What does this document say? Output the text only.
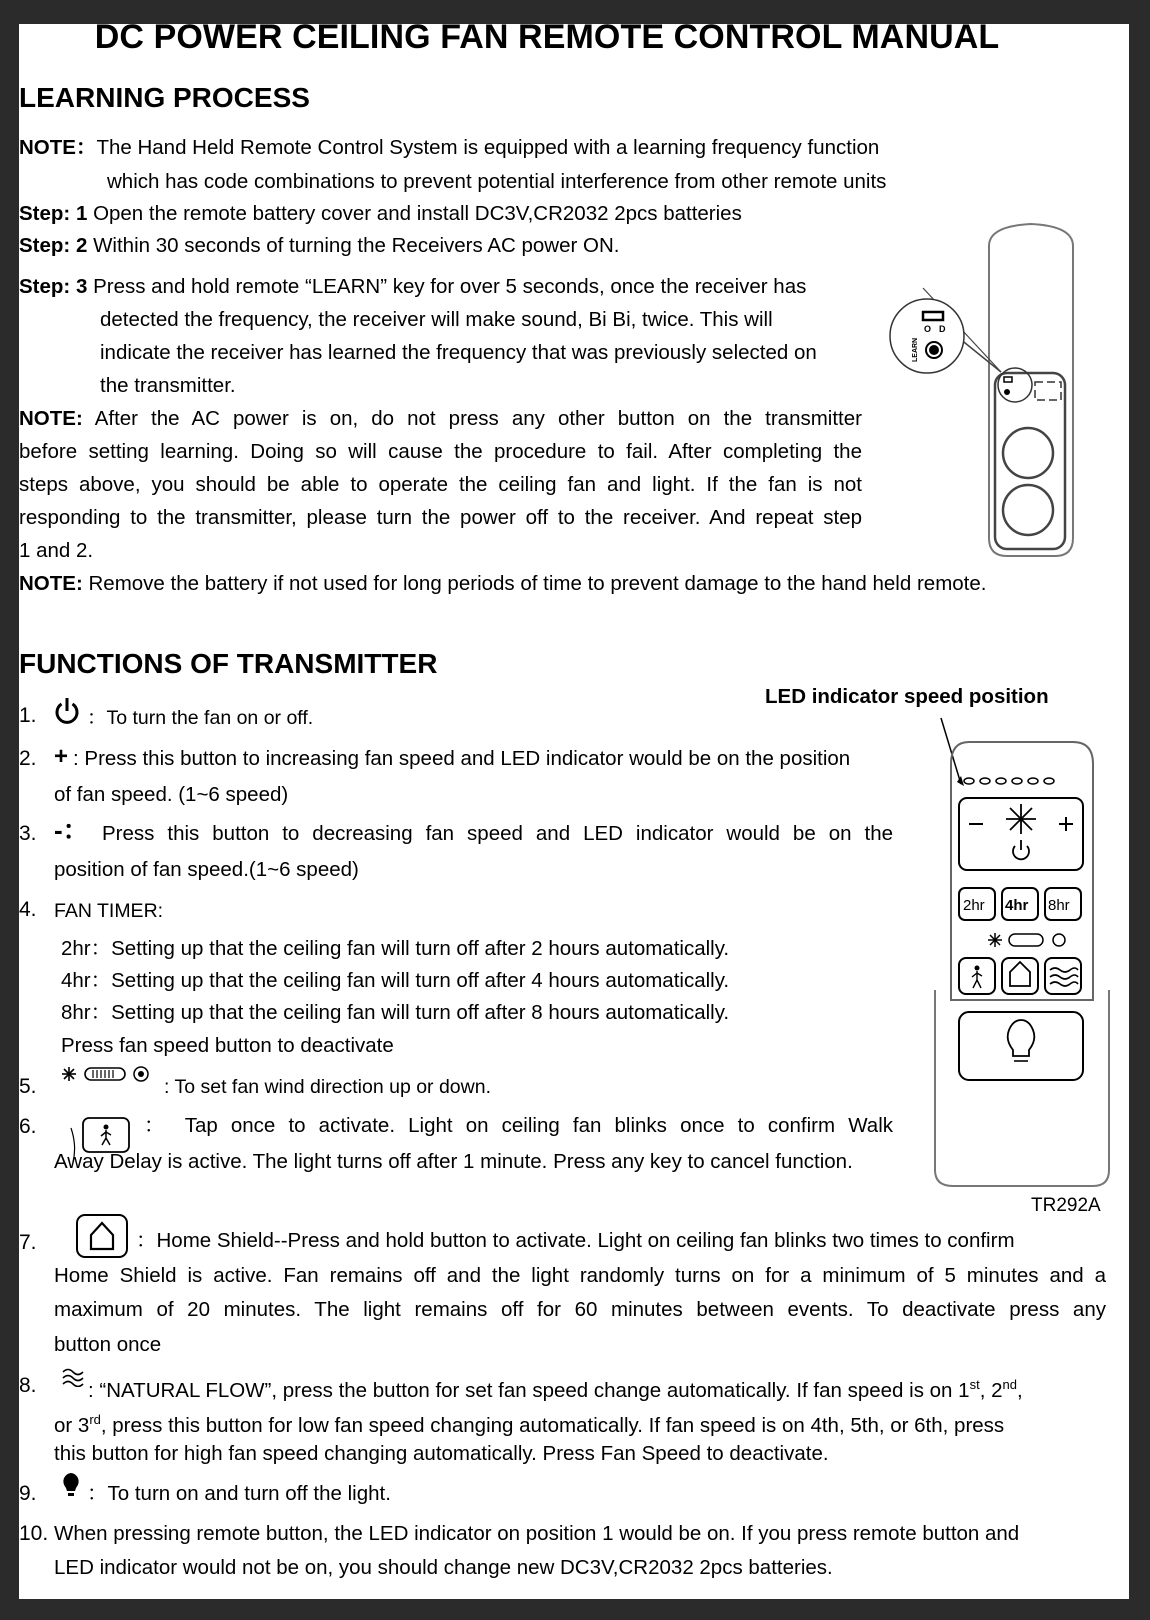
DC POWER CEILING FAN REMOTE CONTROL MANUAL
LEARNING PROCESS
NOTE：The Hand Held Remote Control System is equipped with a learning frequency function
which has code combinations to prevent potential interference from other remote units
Step: 1 Open the remote battery cover and install DC3V,CR2032 2pcs batteries
Step: 2 Within 30 seconds of turning the Receivers AC power ON.
Step: 3 Press and hold remote “LEARN” key for over 5 seconds, once the receiver has
detected the frequency, the receiver will make sound, Bi Bi, twice. This will
indicate the receiver has learned the frequency that was previously selected on
the transmitter.
NOTE: After the AC power is on, do not press any other button on the transmitter
before setting learning. Doing so will cause the procedure to fail. After completing the
steps above, you should be able to operate the ceiling fan and light. If the fan is not
responding to the transmitter, please turn the power off to the receiver. And repeat step
1 and 2.
NOTE: Remove the battery if not used for long periods of time to prevent damage to the hand held remote.
O D
LEARN
FUNCTIONS OF TRANSMITTER
LED indicator speed position
1.	：To turn the fan on or off.
2. + : Press this button to increasing fan speed and LED indicator would be on the position
of fan speed. (1~6 speed)
3. -： Press this button to decreasing fan speed and LED indicator would be on the
position of fan speed.(1~6 speed)
4. FAN TIMER:
2hr：Setting up that the ceiling fan will turn off after 2 hours automatically.
4hr：Setting up that the ceiling fan will turn off after 4 hours automatically.
8hr：Setting up that the ceiling fan will turn off after 8 hours automatically.
Press fan speed button to deactivate
5.	: To set fan wind direction up or down.
6.	： Tap once to activate. Light on ceiling fan blinks once to confirm Walk
Away Delay is active. The light turns off after 1 minute. Press any key to cancel function.
2hr 4hr 8hr
TR292A
7.	：Home Shield--Press and hold button to activate. Light on ceiling fan blinks two times to confirm
Home Shield is active. Fan remains off and the light randomly turns on for a minimum of 5 minutes and a
maximum of 20 minutes. The light remains off for 60 minutes between events. To deactivate press any
button once
8.	: “NATURAL FLOW”, press the button for set fan speed change automatically. If fan speed is on 1st, 2nd,
or 3rd, press this button for low fan speed changing automatically. If fan speed is on 4th, 5th, or 6th, press
this button for high fan speed changing automatically. Press Fan Speed to deactivate.
9. ：To turn on and turn off the light.
10. When pressing remote button, the LED indicator on position 1 would be on. If you press remote button and
LED indicator would not be on, you should change new DC3V,CR2032 2pcs batteries.
